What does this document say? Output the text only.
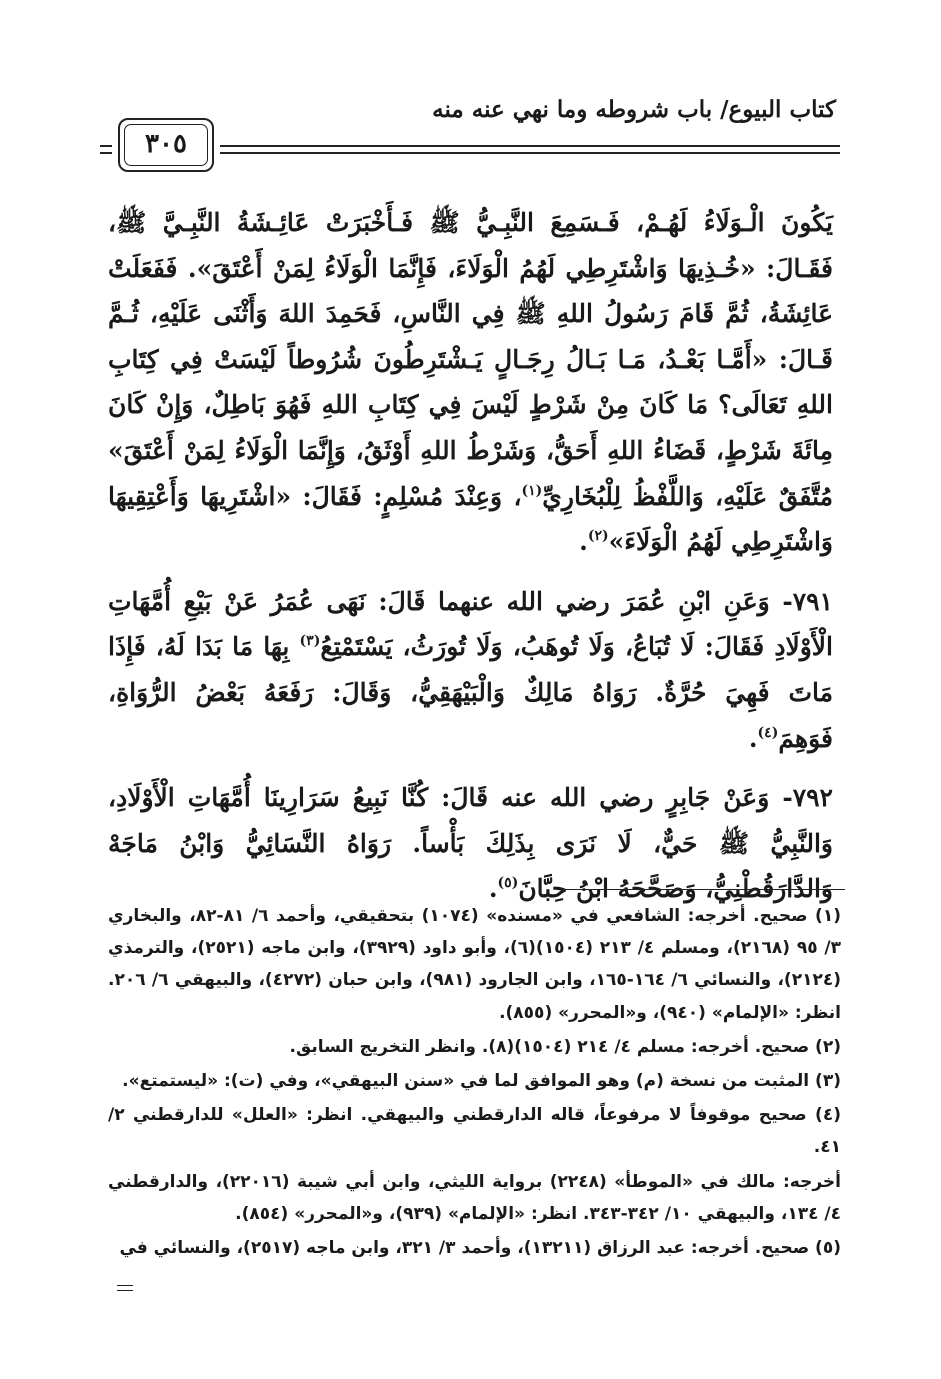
كتاب البيوع/ باب شروطه وما نهي عنه منه
٣٠٥

يَكُونَ الْـوَلَاءُ لَهُـمْ، فَـسَمِعَ النَّبِـيُّ ﷺ فَـأَخْبَرَتْ عَائِـشَةُ النَّبِـيَّ ﷺ، فَقَـالَ: «خُـذِيهَا وَاشْتَرِطِي لَهُمُ الْوَلَاءَ، فَإِنَّمَا الْوَلَاءُ لِمَنْ أَعْتَقَ». فَفَعَلَتْ عَائِشَةُ، ثُمَّ قَامَ رَسُولُ اللهِ ﷺ فِي النَّاسِ، فَحَمِدَ اللهَ وَأَثْنَى عَلَيْهِ، ثُـمَّ قَـالَ: «أَمَّـا بَعْـدُ، مَـا بَـالُ رِجَـالٍ يَـشْتَرِطُونَ شُرُوطاً لَيْسَتْ فِي كِتَابِ اللهِ تَعَالَى؟ مَا كَانَ مِنْ شَرْطٍ لَيْسَ فِي كِتَابِ اللهِ فَهُوَ بَاطِلٌ، وَإِنْ كَانَ مِائَةَ شَرْطٍ، قَضَاءُ اللهِ أَحَقُّ، وَشَرْطُ اللهِ أَوْثَقُ، وَإِنَّمَا الْوَلَاءُ لِمَنْ أَعْتَقَ» مُتَّفَقٌ عَلَيْهِ، وَاللَّفْظُ لِلْبُخَارِيِّ$^{(١)}$، وَعِنْدَ مُسْلِمٍ: فَقَالَ: «اشْتَرِيهَا وَأَعْتِقِيهَا وَاشْتَرِطِي لَهُمُ الْوَلَاءَ»$^{(٢)}$.

٧٩١- وَعَنِ ابْنِ عُمَرَ رضي الله عنهما قَالَ: نَهَى عُمَرُ عَنْ بَيْعِ أُمَّهَاتِ الْأَوْلَادِ فَقَالَ: لَا تُبَاعُ، وَلَا تُوهَبُ، وَلَا تُورَثُ، يَسْتَمْتِعُ$^{(٣)}$ بِهَا مَا بَدَا لَهُ، فَإِذَا مَاتَ فَهِيَ حُرَّةٌ. رَوَاهُ مَالِكٌ وَالْبَيْهَقِيُّ، وَقَالَ: رَفَعَهُ بَعْضُ الرُّوَاةِ، فَوَهِمَ$^{(٤)}$.

٧٩٢- وَعَنْ جَابِرٍ رضي الله عنه قَالَ: كُنَّا نَبِيعُ سَرَارِينَا أُمَّهَاتِ الْأَوْلَادِ، وَالنَّبِيُّ ﷺ حَيٌّ، لَا نَرَى بِذَلِكَ بَأْساً. رَوَاهُ النَّسَائِيُّ وَابْنُ مَاجَهْ وَالدَّارَقُطْنِيُّ، وَصَحَّحَهُ ابْنُ حِبَّانَ$^{(٥)}$.

(١) صحيح. أخرجه: الشافعي في «مسنده» (١٠٧٤) بتحقيقي، وأحمد ٦/ ٨١-٨٢، والبخاري ٣/ ٩٥ (٢١٦٨)، ومسلم ٤/ ٢١٣ (١٥٠٤)(٦)، وأبو داود (٣٩٢٩)، وابن ماجه (٢٥٢١)، والترمذي (٢١٢٤)، والنسائي ٦/ ١٦٤-١٦٥، وابن الجارود (٩٨١)، وابن حبان (٤٢٧٢)، والبيهقي ٦/ ٢٠٦. انظر: «الإلمام» (٩٤٠)، و«المحرر» (٨٥٥).

(٢) صحيح. أخرجه: مسلم ٤/ ٢١٤ (١٥٠٤)(٨). وانظر التخريج السابق.

(٣) المثبت من نسخة (م) وهو الموافق لما في «سنن البيهقي»، وفي (ت): «ليستمتع».

(٤) صحيح موقوفاً لا مرفوعاً، قاله الدارقطني والبيهقي. انظر: «العلل» للدارقطني ٢/ ٤١.

أخرجه: مالك في «الموطأ» (٢٢٤٨) برواية الليثي، وابن أبي شيبة (٢٢٠١٦)، والدارقطني ٤/ ١٣٤، والبيهقي ١٠/ ٣٤٢-٣٤٣. انظر: «الإلمام» (٩٣٩)، و«المحرر» (٨٥٤).

(٥) صحيح. أخرجه: عبد الرزاق (١٣٢١١)، وأحمد ٣/ ٣٢١، وابن ماجه (٢٥١٧)، والنسائي في
